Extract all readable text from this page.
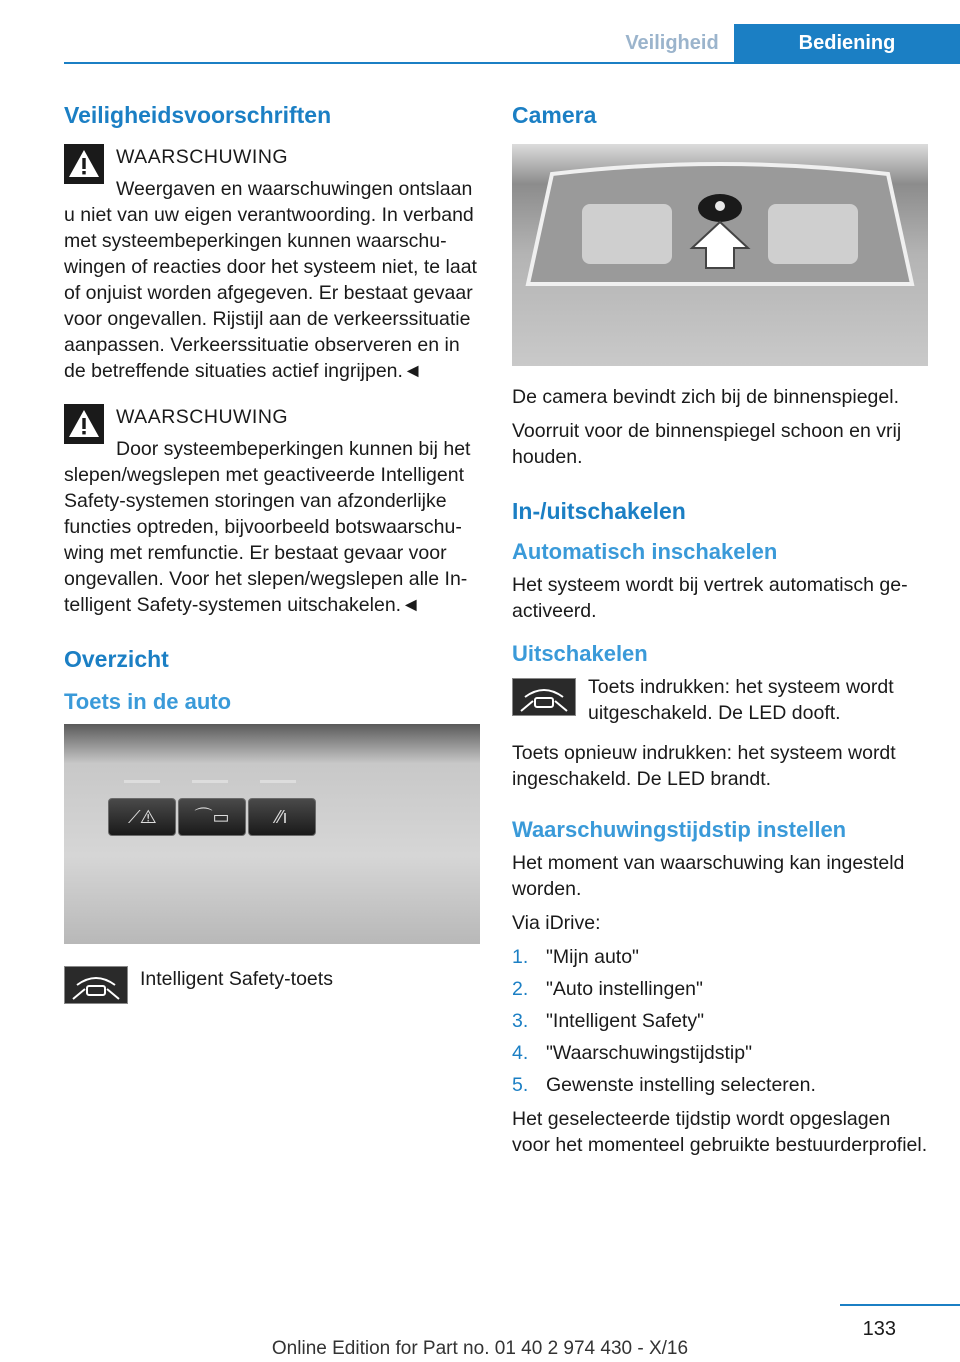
Veiligheid	Bediening
Veiligheidsvoorschriften

WAARSCHUWING

Weergaven en waarschuwingen ontslaan u niet van uw eigen verantwoording. In verband met systeembeperkingen kunnen waarschuwingen of reacties door het systeem niet, te laat of onjuist worden afgegeven. Er bestaat gevaar voor ongevallen. Rijstijl aan de verkeerssituatie aanpassen. Verkeerssituatie observeren en in de betreffende situaties actief ingrijpen.◄

WAARSCHUWING

Door systeembeperkingen kunnen bij het slepen/wegslepen met geactiveerde Intelligent Safety-systemen storingen van afzonderlijke functies optreden, bijvoorbeeld botswaarschuwing met remfunctie. Er bestaat gevaar voor ongevallen. Voor het slepen/wegslepen alle Intelligent Safety-systemen uitschakelen.◄

Overzicht
Toets in de auto
⟋⚠	⌒▭	⁄⁄ı

Intelligent Safety-toets

Camera

De camera bevindt zich bij de binnenspiegel.

Voorruit voor de binnenspiegel schoon en vrij houden.

In-/uitschakelen
Automatisch inschakelen

Het systeem wordt bij vertrek automatisch geactiveerd.

Uitschakelen

Toets indrukken: het systeem wordt uitgeschakeld. De LED dooft.

Toets opnieuw indrukken: het systeem wordt ingeschakeld. De LED brandt.

Waarschuwingstijdstip instellen

Het moment van waarschuwing kan ingesteld worden.

Via iDrive:

1. "Mijn auto"
2. "Auto instellingen"
3. "Intelligent Safety"
4. "Waarschuwingstijdstip"
5. Gewenste instelling selecteren.

Het geselecteerde tijdstip wordt opgeslagen voor het momenteel gebruikte bestuurderprofiel.

133
Online Edition for Part no. 01 40 2 974 430 - X/16
